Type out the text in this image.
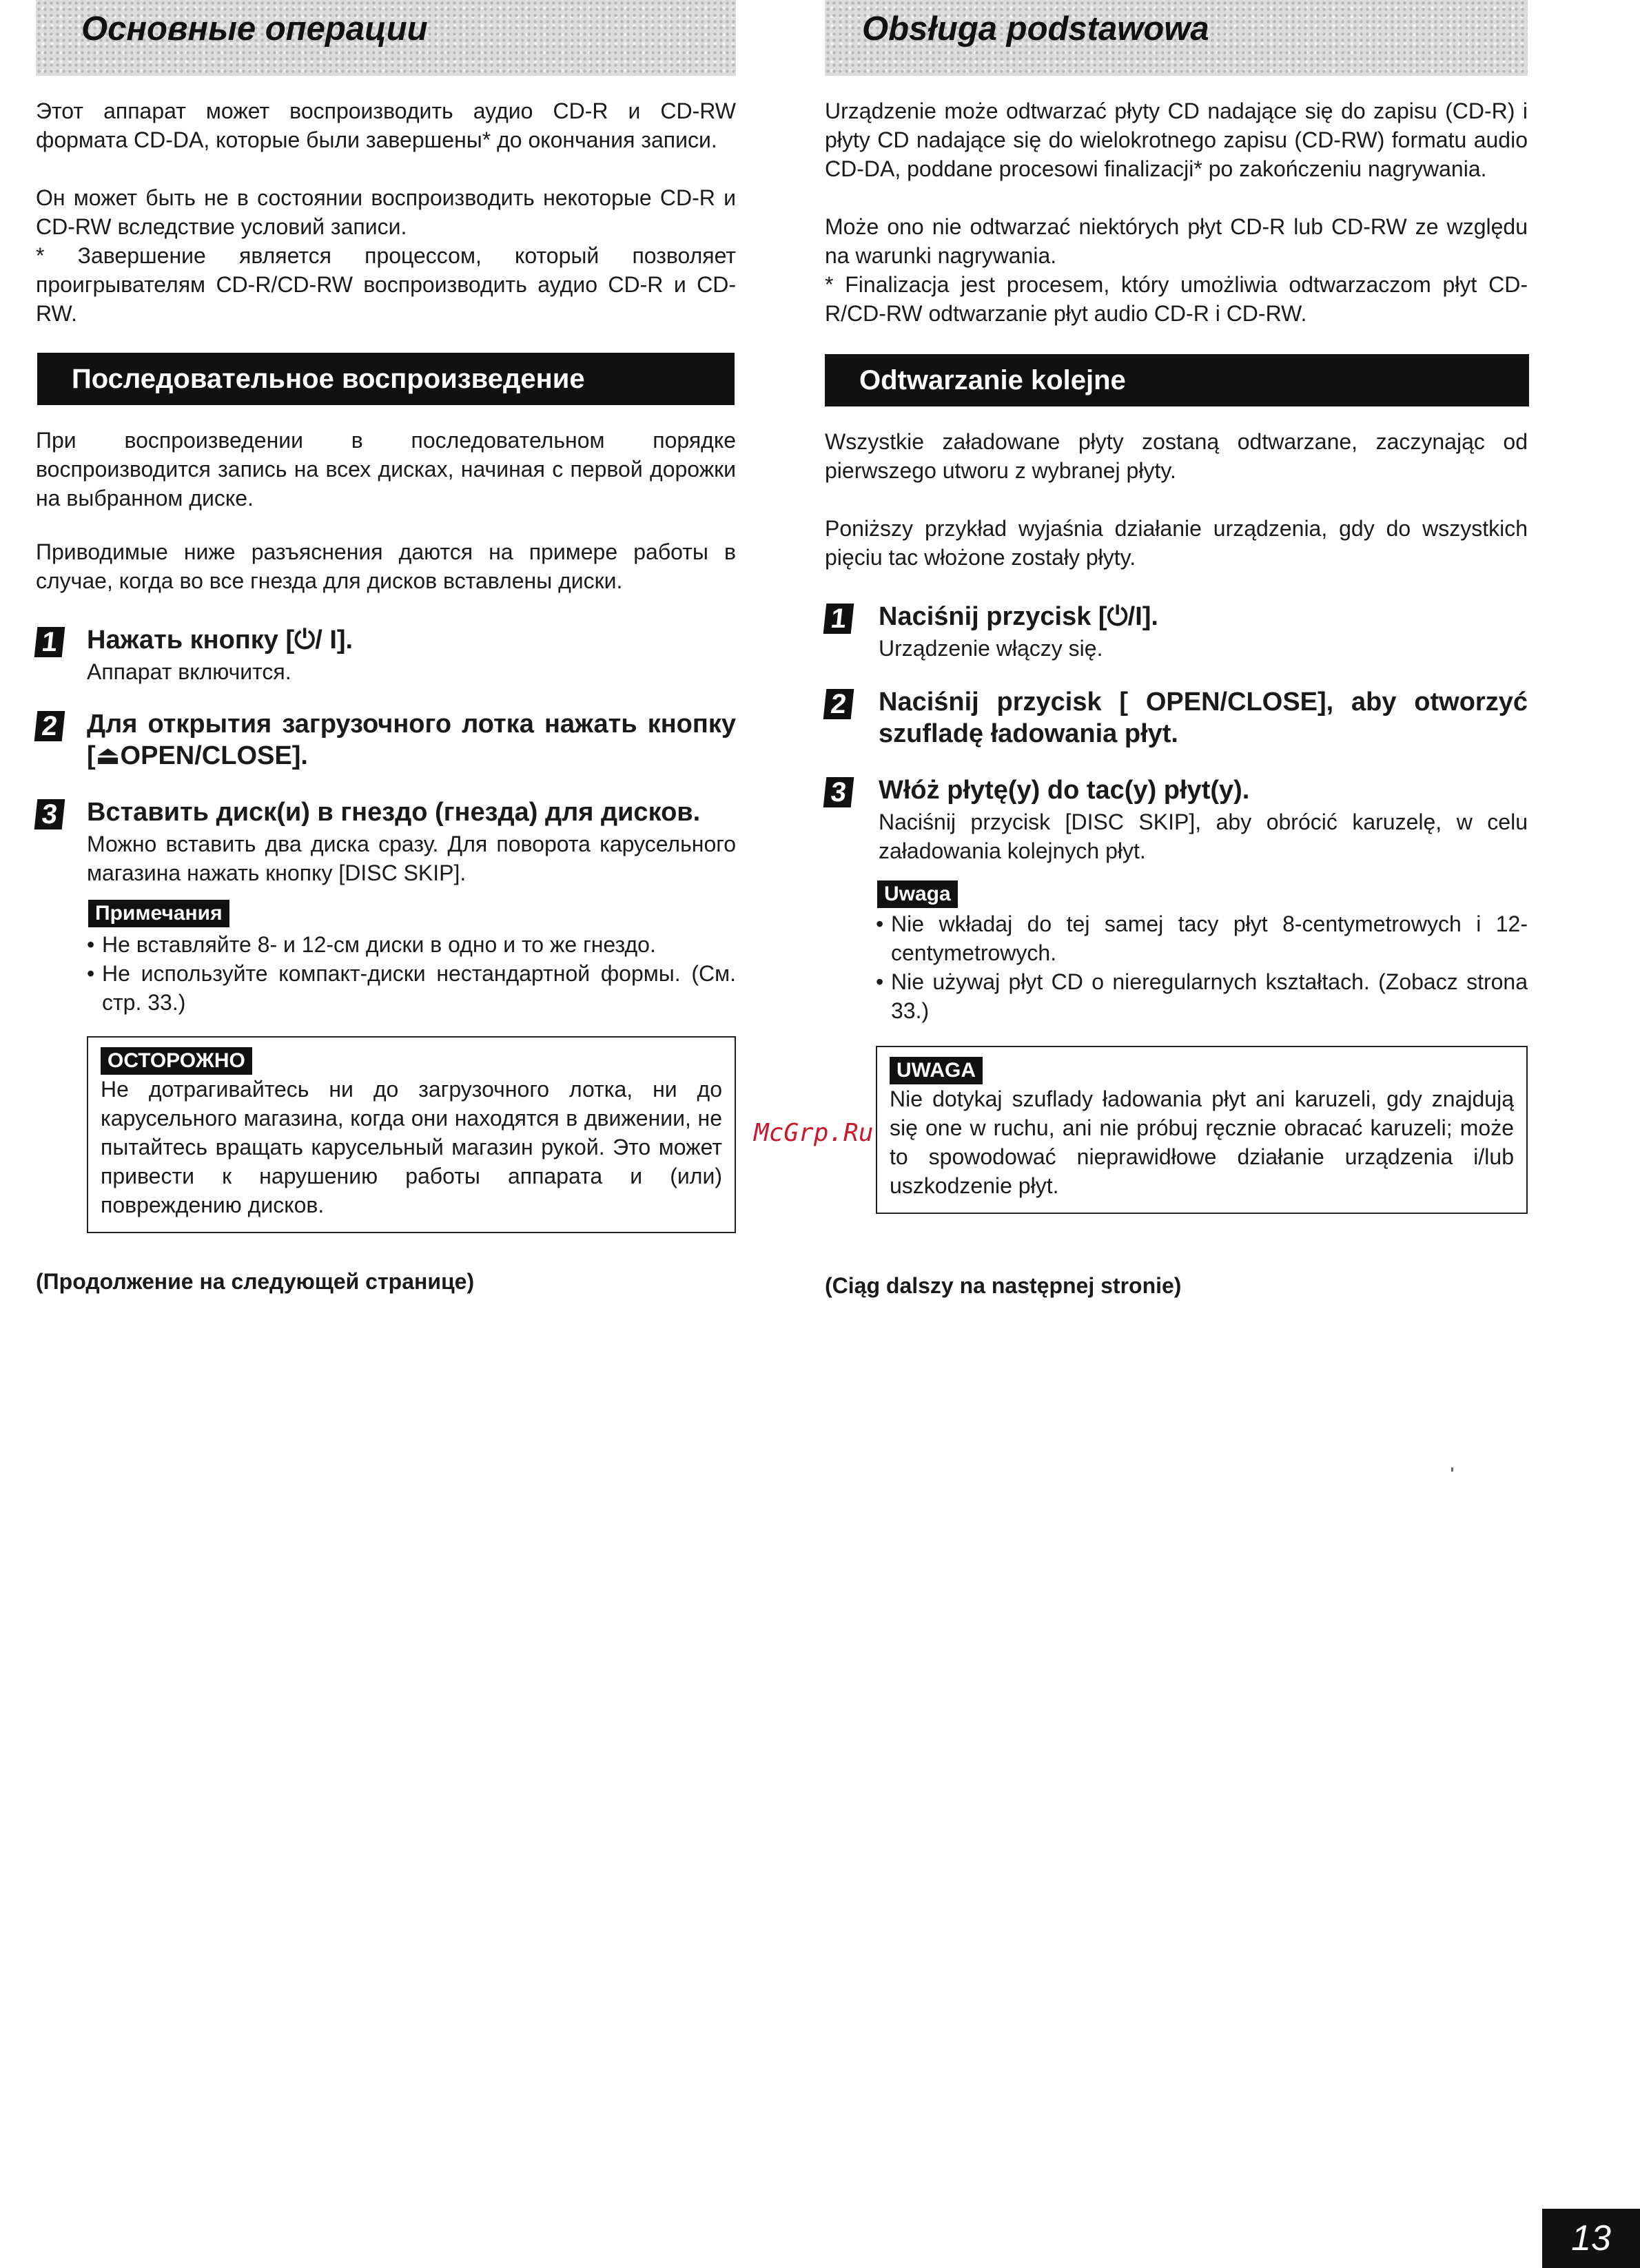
Основные операции

Этот аппарат может воспроизводить аудио CD-R и CD-RW формата CD-DA, которые были завершены* до окончания записи.

Он может быть не в состоянии воспроизводить некоторые CD-R и CD-RW вследствие условий записи.

* Завершение является процессом, который позволяет проигрывателям CD-R/CD-RW воспроизводить аудио CD-R и CD-RW.

Последовательное воспроизведение

При воспроизведении в последовательном порядке воспроизводится запись на всех дисках, начиная с первой дорожки на выбранном диске.

Приводимые ниже разъяснения даются на примере работы в случае, когда во все гнезда для дисков вставлены диски.

1 Нажать кнопку [⏻/ I].

Аппарат включится.

2 Для открытия загрузочного лотка нажать кнопку [⏏OPEN/CLOSE].

3 Вставить диск(и) в гнездо (гнезда) для дисков.

Можно вставить два диска сразу. Для поворота карусельного магазина нажать кнопку [DISC SKIP].

Примечания
• Не вставляйте 8- и 12-см диски в одно и то же гнездо.
• Не используйте компакт-диски нестандартной формы. (См. стр. 33.)
ОСТОРОЖНО

Не дотрагивайтесь ни до загрузочного лотка, ни до карусельного магазина, когда они находятся в движении, не пытайтесь вращать карусельный магазин рукой. Это может привести к нарушению работы аппарата и (или) повреждению дисков.

(Продолжение на следующей странице)
Obsługa podstawowa

Urządzenie może odtwarzać płyty CD nadające się do zapisu (CD-R) i płyty CD nadające się do wielokrotnego zapisu (CD-RW) formatu audio CD-DA, poddane procesowi finalizacji* po zakończeniu nagrywania.

Może ono nie odtwarzać niektórych płyt CD-R lub CD-RW ze względu na warunki nagrywania.

* Finalizacja jest procesem, który umożliwia odtwarzaczom płyt CD-R/CD-RW odtwarzanie płyt audio CD-R i CD-RW.

Odtwarzanie kolejne

Wszystkie załadowane płyty zostaną odtwarzane, zaczynając od pierwszego utworu z wybranej płyty.

Poniższy przykład wyjaśnia działanie urządzenia, gdy do wszystkich pięciu tac włożone zostały płyty.

1 Naciśnij przycisk [⏻/I].

Urządzenie włączy się.

2 Naciśnij przycisk [ OPEN/CLOSE], aby otworzyć szufladę ładowania płyt.

3 Włóż płytę(y) do tac(y) płyt(y).

Naciśnij przycisk [DISC SKIP], aby obrócić karuzelę, w celu załadowania kolejnych płyt.

Uwaga
• Nie wkładaj do tej samej tacy płyt 8-centymetrowych i 12-centymetrowych.
• Nie używaj płyt CD o nieregularnych kształtach. (Zobacz strona 33.)
UWAGA

Nie dotykaj szuflady ładowania płyt ani karuzeli, gdy znajdują się one w ruchu, ani nie próbuj ręcznie obracać karuzeli; może to spowodować nieprawidłowe działanie urządzenia i/lub uszkodzenie płyt.

(Ciąg dalszy na następnej stronie)
McGrp.Ru
13
